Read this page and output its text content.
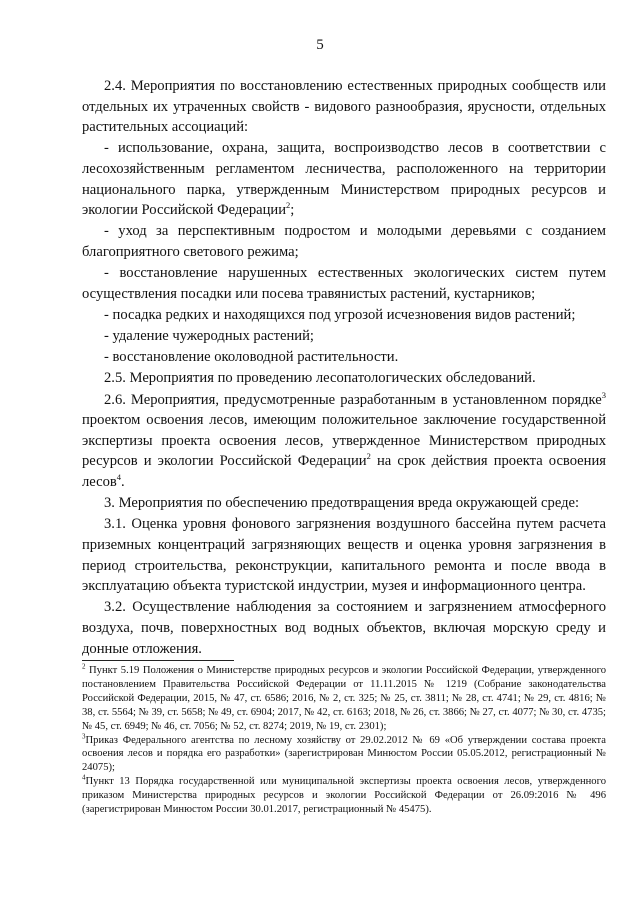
5

2.4. Мероприятия по восстановлению естественных природных сообществ или отдельных их утраченных свойств - видового разнообразия, ярусности, отдельных растительных ассоциаций:

- использование, охрана, защита, воспроизводство лесов в соответствии с лесохозяйственным регламентом лесничества, расположенного на территории национального парка, утвержденным Министерством природных ресурсов и экологии Российской Федерации$^2$;

- уход за перспективным подростом и молодыми деревьями с созданием благоприятного светового режима;

- восстановление нарушенных естественных экологических систем путем осуществления посадки или посева травянистых растений, кустарников;

- посадка редких и находящихся под угрозой исчезновения видов растений;

- удаление чужеродных растений;

- восстановление околоводной растительности.

2.5. Мероприятия по проведению лесопатологических обследований.

2.6. Мероприятия, предусмотренные разработанным в установленном порядке$^3$ проектом освоения лесов, имеющим положительное заключение государственной экспертизы проекта освоения лесов, утвержденное Министерством природных ресурсов и экологии Российской Федерации$^2$ на срок действия проекта освоения лесов$^4$.

3. Мероприятия по обеспечению предотвращения вреда окружающей среде:

3.1. Оценка уровня фонового загрязнения воздушного бассейна путем расчета приземных концентраций загрязняющих веществ и оценка уровня загрязнения в период строительства, реконструкции, капитального ремонта и после ввода в эксплуатацию объекта туристской индустрии, музея и информационного центра.

3.2. Осуществление наблюдения за состоянием и загрязнением атмосферного воздуха, почв, поверхностных вод водных объектов, включая морскую среду и донные отложения.

$^2$ Пункт 5.19 Положения о Министерстве природных ресурсов и экологии Российской Федерации, утвержденного постановлением Правительства Российской Федерации от 11.11.2015 № 1219 (Собрание законодательства Российской Федерации, 2015, № 47, ст. 6586; 2016, № 2, ст. 325; № 25, ст. 3811; № 28, ст. 4741; № 29, ст. 4816; № 38, ст. 5564; № 39, ст. 5658; № 49, ст. 6904; 2017, № 42, ст. 6163; 2018, № 26, ст. 3866; № 27, ст. 4077; № 30, ст. 4735; № 45, ст. 6949; № 46, ст. 7056; № 52, ст. 8274; 2019, № 19, ст. 2301);

$^3$Приказ Федерального агентства по лесному хозяйству от 29.02.2012 № 69 «Об утверждении состава проекта освоения лесов и порядка его разработки» (зарегистрирован Минюстом России 05.05.2012, регистрационный № 24075);

$^4$Пункт 13 Порядка государственной или муниципальной экспертизы проекта освоения лесов, утвержденного приказом Министерства природных ресурсов и экологии Российской Федерации от 26.09:2016 № 496 (зарегистрирован Минюстом России 30.01.2017, регистрационный № 45475).
